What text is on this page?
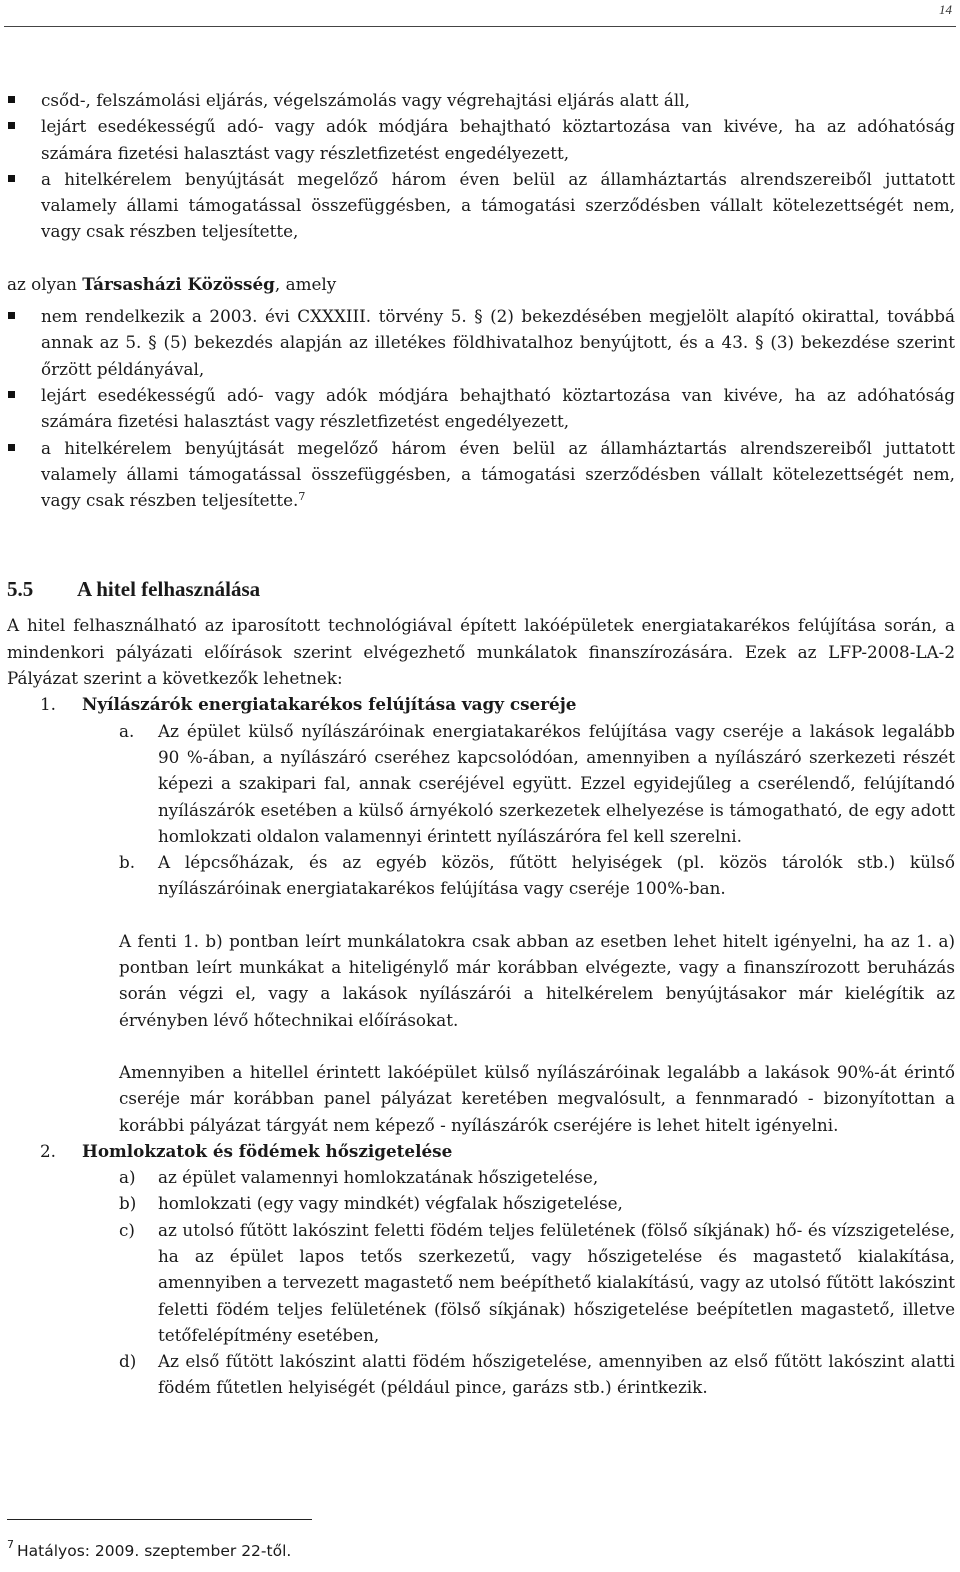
14
csőd-, felszámolási eljárás, végelszámolás vagy végrehajtási eljárás alatt áll,
lejárt esedékességű adó- vagy adók módjára behajtható köztartozása van kivéve, ha az adóhatóság számára fizetési halasztást vagy részletfizetést engedélyezett,
a hitelkérelem benyújtását megelőző három éven belül az államháztartás alrendszereiből juttatott valamely állami támogatással összefüggésben, a támogatási szerződésben vállalt kötelezettségét nem, vagy csak részben teljesítette,

az olyan Társasházi Közösség, amely

nem rendelkezik a 2003. évi CXXXIII. törvény 5. § (2) bekezdésében megjelölt alapító okirattal, továbbá annak az 5. § (5) bekezdés alapján az illetékes földhivatalhoz benyújtott, és a 43. § (3) bekezdése szerint őrzött példányával,
lejárt esedékességű adó- vagy adók módjára behajtható köztartozása van kivéve, ha az adóhatóság számára fizetési halasztást vagy részletfizetést engedélyezett,
a hitelkérelem benyújtását megelőző három éven belül az államháztartás alrendszereiből juttatott valamely állami támogatással összefüggésben, a támogatási szerződésben vállalt kötelezettségét nem, vagy csak részben teljesítette.$^7$
5.5	A hitel felhasználása

A hitel felhasználható az iparosított technológiával épített lakóépületek energiatakarékos felújítása során, a mindenkori pályázati előírások szerint elvégezhető munkálatok finanszírozására. Ezek az LFP-2008-LA-2 Pályázat szerint a következők lehetnek:

1. Nyílászárók energiatakarékos felújítása vagy cseréje
a. Az épület külső nyílászáróinak energiatakarékos felújítása vagy cseréje a lakások legalább 90 %-ában, a nyílászáró cseréhez kapcsolódóan, amennyiben a nyílászáró szerkezeti részét képezi a szakipari fal, annak cseréjével együtt. Ezzel egyidejűleg a cserélendő, felújítandó nyílászárók esetében a külső árnyékoló szerkezetek elhelyezése is támogatható, de egy adott homlokzati oldalon valamennyi érintett nyílászáróra fel kell szerelni.
b. A lépcsőházak, és az egyéb közös, fűtött helyiségek (pl. közös tárolók stb.) külső nyílászáróinak energiatakarékos felújítása vagy cseréje 100%-ban.

A fenti 1. b) pontban leírt munkálatokra csak abban az esetben lehet hitelt igényelni, ha az 1. a) pontban leírt munkákat a hiteligénylő már korábban elvégezte, vagy a finanszírozott beruházás során végzi el, vagy a lakások nyílászárói a hitelkérelem benyújtásakor már kielégítik az érvényben lévő hőtechnikai előírásokat.

Amennyiben a hitellel érintett lakóépület külső nyílászáróinak legalább a lakások 90%-át érintő cseréje már korábban panel pályázat keretében megvalósult, a fennmaradó - bizonyítottan a korábbi pályázat tárgyát nem képező - nyílászárók cseréjére is lehet hitelt igényelni.

2. Homlokzatok és födémek hőszigetelése
a) az épület valamennyi homlokzatának hőszigetelése,
b) homlokzati (egy vagy mindkét) végfalak hőszigetelése,
c) az utolsó fűtött lakószint feletti födém teljes felületének (fölső síkjának) hő- és vízszigetelése, ha az épület lapos tetős szerkezetű, vagy hőszigetelése és magastető kialakítása, amennyiben a tervezett magastető nem beépíthető kialakítású, vagy az utolsó fűtött lakószint feletti födém teljes felületének (fölső síkjának) hőszigetelése beépítetlen magastető, illetve tetőfelépítmény esetében,
d) Az első fűtött lakószint alatti födém hőszigetelése, amennyiben az első fűtött lakószint alatti födém fűtetlen helyiségét (például pince, garázs stb.) érintkezik.
$^7$ Hatályos: 2009. szeptember 22-től.
